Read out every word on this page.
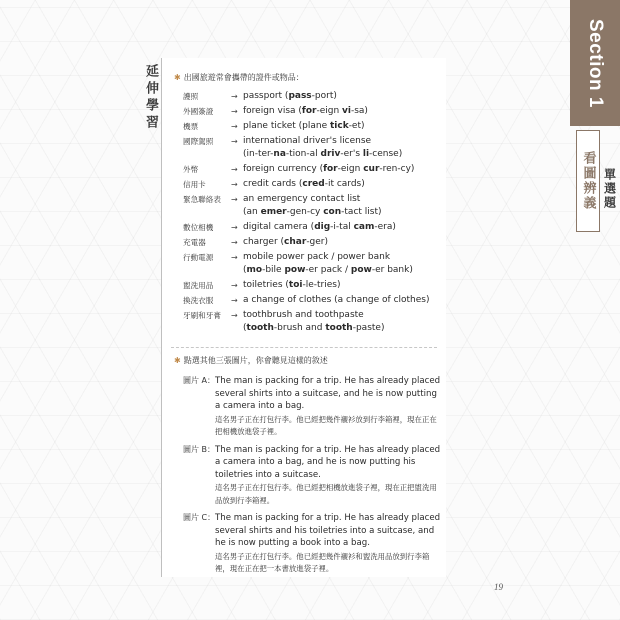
Section 1
看圖辨義 單選題
延伸學習 ✱ 出國旅遊常會攜帶的證件或物品：
護照	→ passport (pass-port)
外國簽證	→ foreign visa (for-eign vi-sa)
機票	→ plane ticket (plane tick-et)
國際駕照	→ international driver's license
(in-ter-na-tion-al driv-er's li-cense)
外幣	→ foreign currency (for-eign cur-ren-cy)
信用卡	→ credit cards (cred-it cards)
緊急聯絡表	→ an emergency contact list
(an emer-gen-cy con-tact list)
數位相機	→ digital camera (dig-i-tal cam-era)
充電器	→ charger (char-ger)
行動電源	→ mobile power pack / power bank
(mo-bile pow-er pack / pow-er bank)
盥洗用品	→ toiletries (toi-le-tries)
換洗衣服	→ a change of clothes (a change of clothes)
牙刷和牙膏	→ toothbrush and toothpaste
(tooth-brush and tooth-paste)
✱ 點選其他三張圖片，你會聽見這樣的敘述
圖片 A： The man is packing for a trip. He has already placed several shirts into a suitcase, and he is now putting a camera into a bag.
這名男子正在打包行李。他已經把幾件襯衫放到行李箱裡，現在正在把相機放進袋子裡。
圖片 B： The man is packing for a trip. He has already placed a camera into a bag, and he is now putting his toiletries into a suitcase.
這名男子正在打包行李。他已經把相機放進袋子裡，現在正把盥洗用品放到行李箱裡。
圖片 C： The man is packing for a trip. He has already placed several shirts and his toiletries into a suitcase, and he is now putting a book into a bag.
這名男子正在打包行李。他已經把幾件襯衫和盥洗用品放到行李箱裡，現在正在把一本書放進袋子裡。
19
